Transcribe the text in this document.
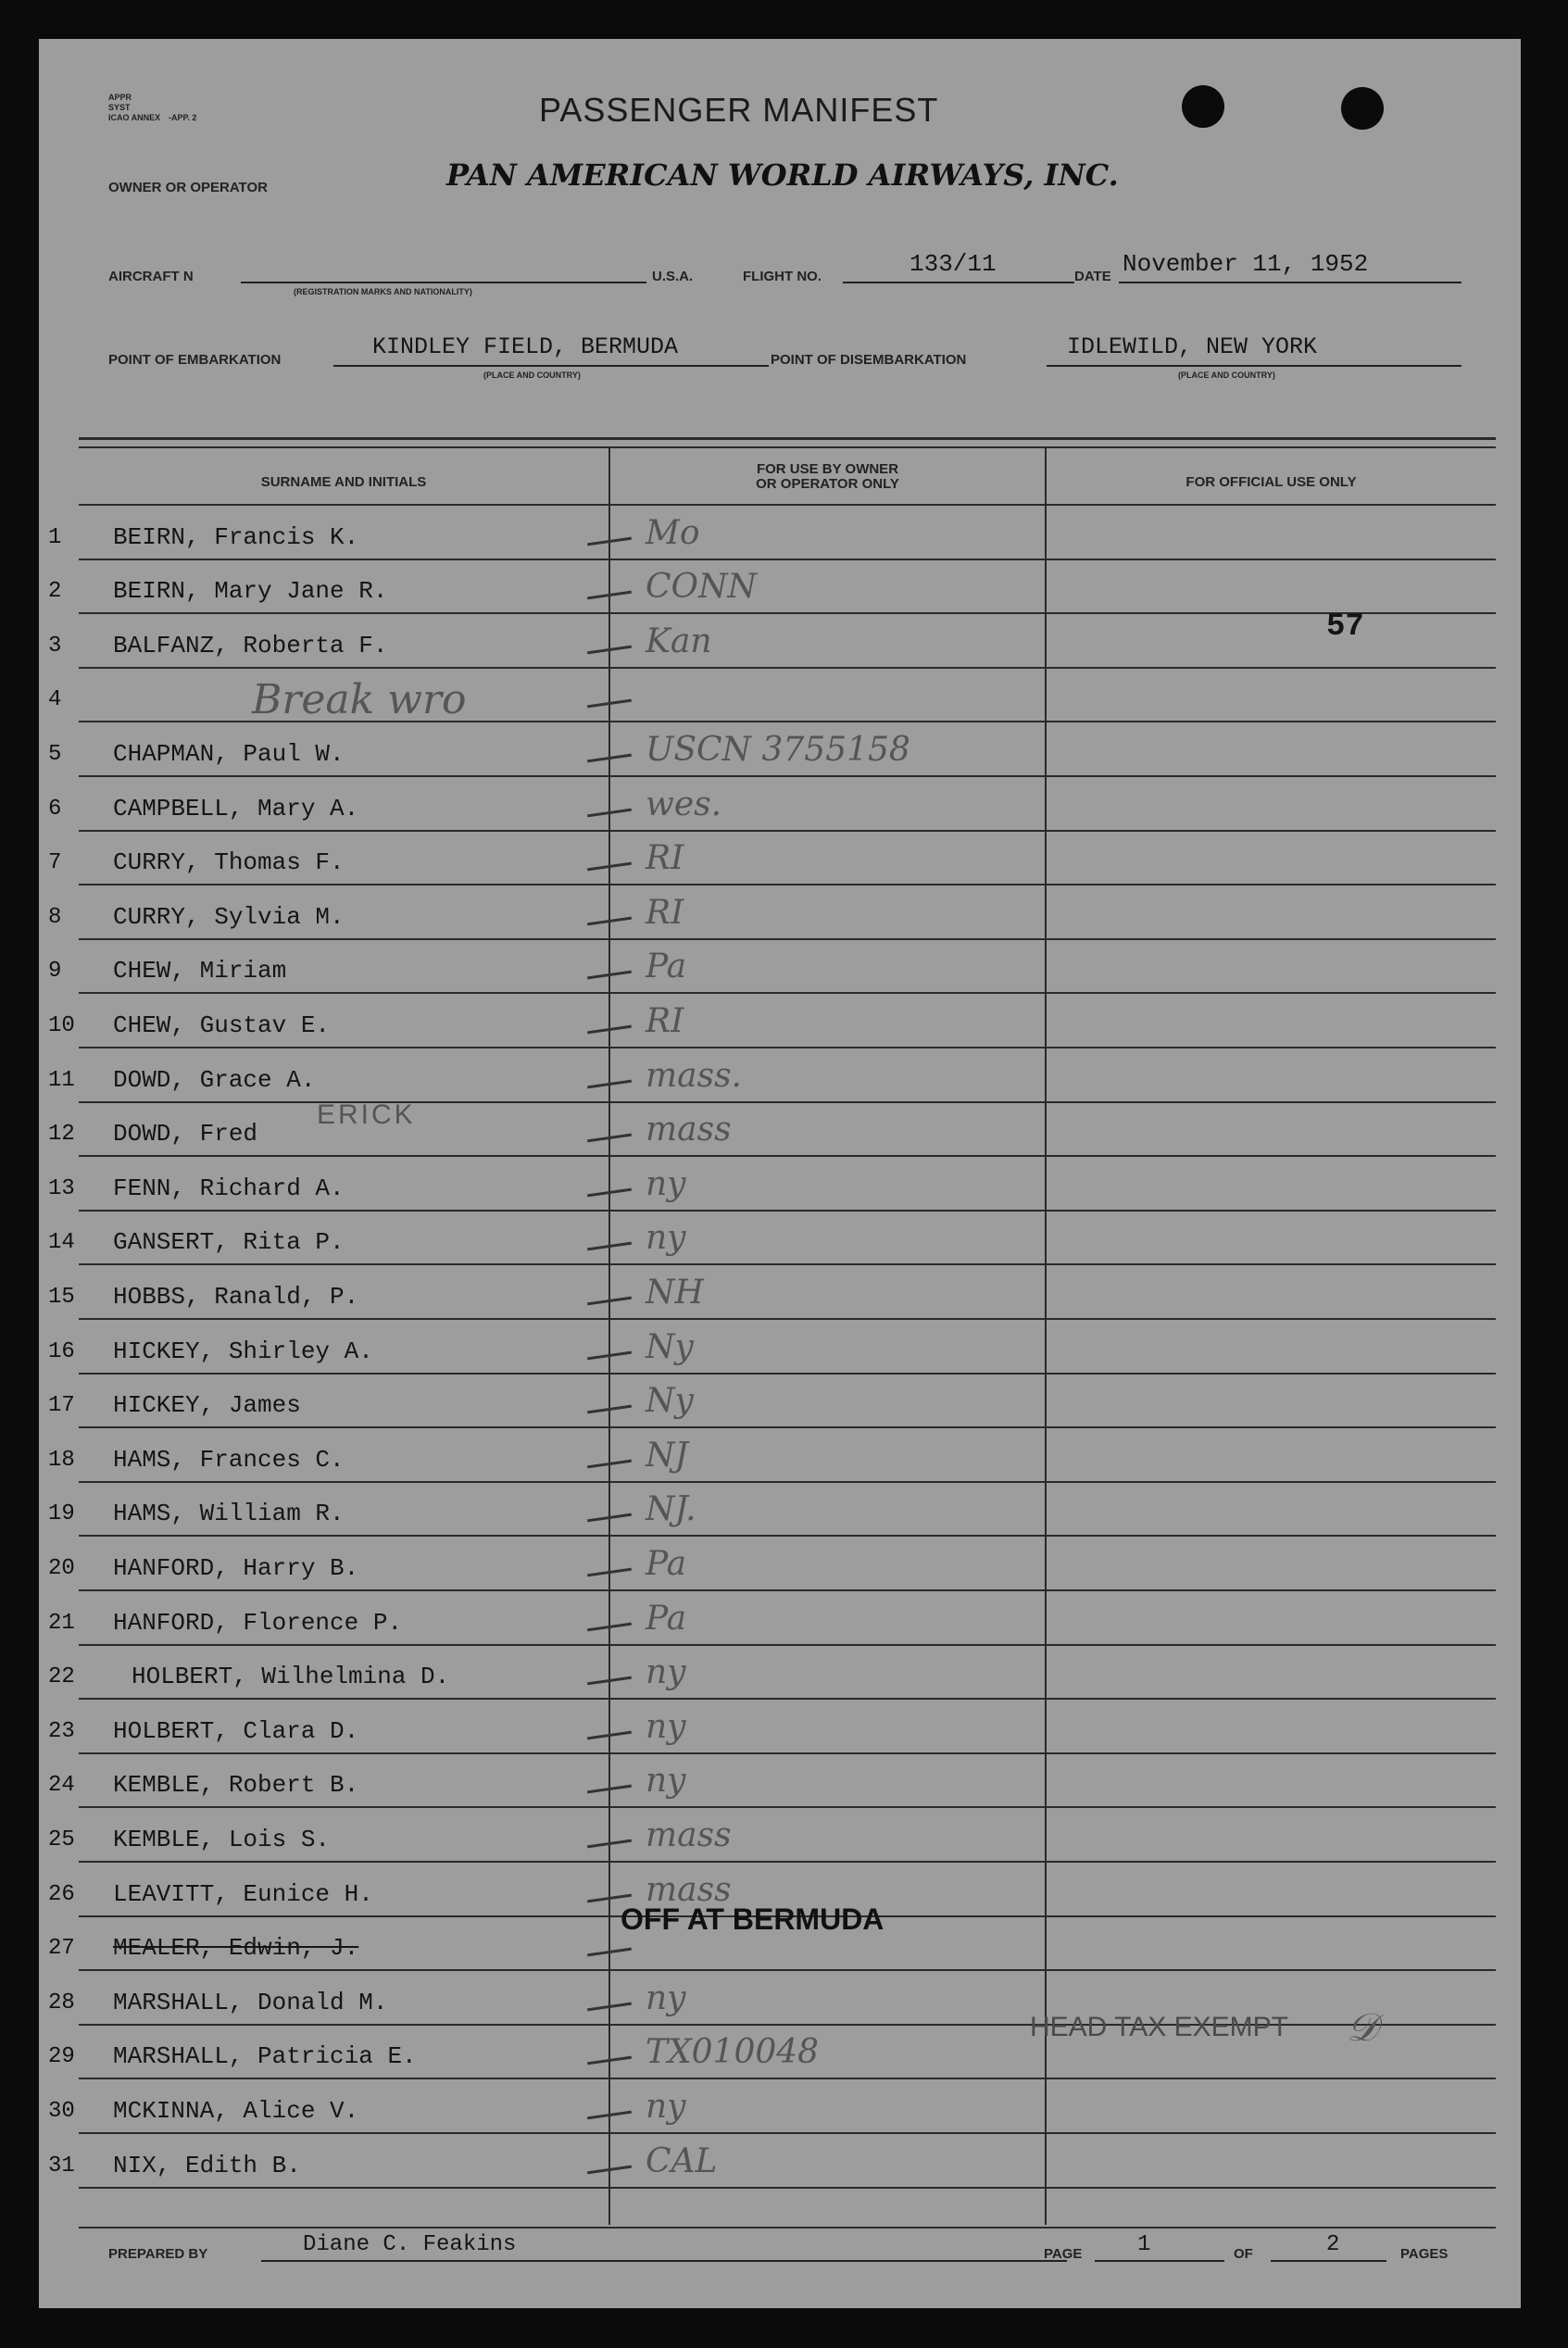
APPR
SYST
ICAO ANNEX -APP. 2	PASSENGER MANIFEST
OWNER OR OPERATOR	PAN AMERICAN WORLD AIRWAYS, INC.
AIRCRAFT N
(REGISTRATION MARKS AND NATIONALITY)
U.S.A.	FLIGHT NO.	133/11	DATE November 11, 1952
POINT OF EMBARKATION	KINDLEY FIELD, BERMUDA
(PLACE AND COUNTRY)
POINT OF DISEMBARKATION	IDLEWILD, NEW YORK
(PLACE AND COUNTRY)
SURNAME AND INITIALS
FOR USE BY OWNER
OR OPERATOR ONLY	FOR OFFICIAL USE ONLY
1	BEIRN, Francis K.	Mo
2	BEIRN, Mary Jane R.	CONN
3	BALFANZ, Roberta F.	Kan
4	Break wro
5	CHAPMAN, Paul W.	USCN 3755158
6	CAMPBELL, Mary A.	wes.
7	CURRY, Thomas F.	RI
8	CURRY, Sylvia M.	RI
9	CHEW, Miriam	Pa
10	CHEW, Gustav E.	RI
11	DOWD, Grace A.	mass.
12	DOWD, Fred	mass
13	FENN, Richard A.	ny
14	GANSERT, Rita P.	ny
15	HOBBS, Ranald, P.	NH
16	HICKEY, Shirley A.	Ny
17	HICKEY, James	Ny
18	HAMS, Frances C.	NJ
19	HAMS, William R.	NJ.
20	HANFORD, Harry B.	Pa
21	HANFORD, Florence P.	Pa
22	HOLBERT, Wilhelmina D.	ny
23	HOLBERT, Clara D.	ny
24	KEMBLE, Robert B.	ny
25	KEMBLE, Lois S.	mass
26	LEAVITT, Eunice H.	mass
27	MEALER, Edwin, J.
28	MARSHALL, Donald M.	ny
29	MARSHALL, Patricia E.	TX010048
30	MCKINNA, Alice V.	ny
31	NIX, Edith B.	CAL
ERICK
57
OFF AT BERMUDA
HEAD TAX EXEMPT 𝒟
PREPARED BY	Diane C. Feakins	PAGE 1	OF	2	PAGES
